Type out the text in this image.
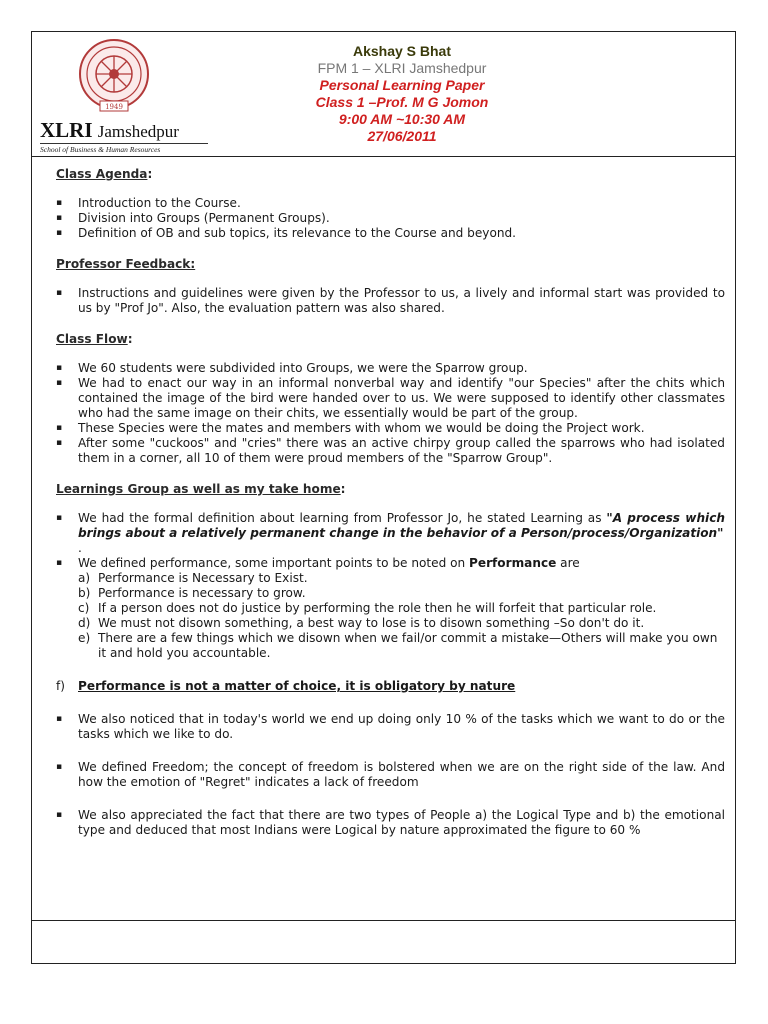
1949
XLRI Jamshedpur
School of Business & Human Resources
Akshay S Bhat
FPM 1 – XLRI Jamshedpur
Personal Learning Paper
Class 1 –Prof. M G Jomon
9:00 AM ~10:30 AM
27/06/2011

Class Agenda:

▪ Introduction to the Course.
▪ Division into Groups (Permanent Groups).
▪ Definition of OB and sub topics, its relevance to the Course and beyond.

Professor Feedback:

▪ Instructions and guidelines were given by the Professor to us, a lively and informal start was provided to us by "Prof Jo". Also, the evaluation pattern was also shared.

Class Flow:

▪ We 60 students were subdivided into Groups, we were the Sparrow group.
▪ We had to enact our way in an informal nonverbal way and identify "our Species" after the chits which contained the image of the bird were handed over to us. We were supposed to identify other classmates who had the same image on their chits, we essentially would be part of the group.
▪ These Species were the mates and members with whom we would be doing the Project work.
▪ After some "cuckoos" and "cries" there was an active chirpy group called the sparrows who had isolated them in a corner, all 10 of them were proud members of the "Sparrow Group".

Learnings Group as well as my take home:

▪ We had the formal definition about learning from Professor Jo, he stated Learning as "A process which brings about a relatively permanent change in the behavior of a Person/process/Organization"
.
▪ We defined performance, some important points to be noted on Performance are
a) Performance is Necessary to Exist.
b) Performance is necessary to grow.
c) If a person does not do justice by performing the role then he will forfeit that particular role.
d) We must not disown something, a best way to lose is to disown something –So don't do it.
e) There are a few things which we disown when we fail/or commit a mistake—Others will make you own it and hold you accountable.

f) Performance is not a matter of choice, it is obligatory by nature

▪ We also noticed that in today's world we end up doing only 10 % of the tasks which we want to do or the tasks which we like to do.
▪ We defined Freedom; the concept of freedom is bolstered when we are on the right side of the law. And how the emotion of "Regret" indicates a lack of freedom
▪ We also appreciated the fact that there are two types of People a) the Logical Type and b) the emotional type and deduced that most Indians were Logical by nature approximated the figure to 60 %
